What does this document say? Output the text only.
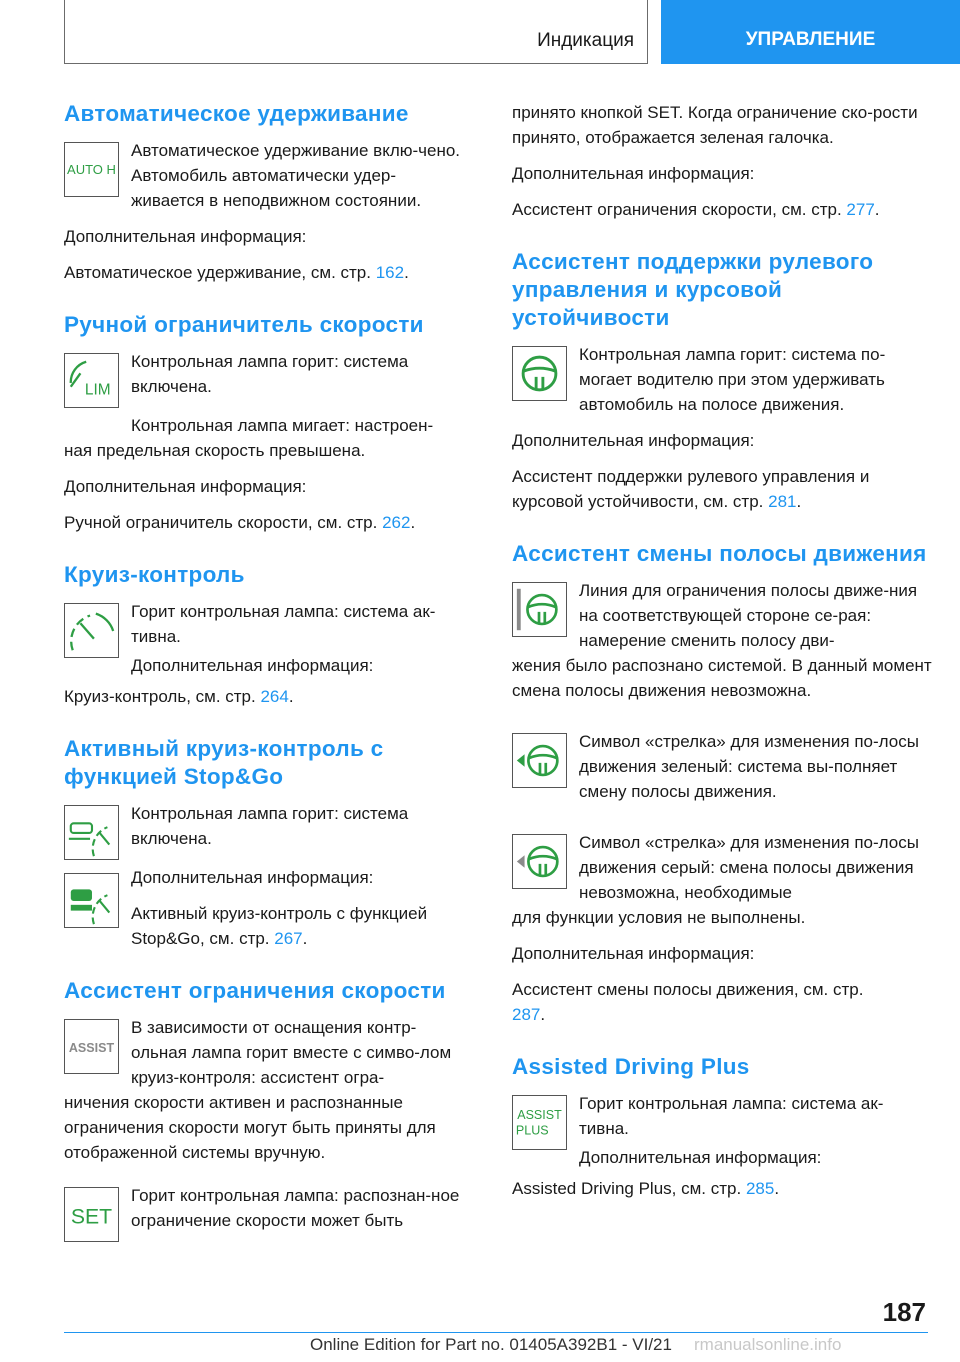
Индикация	УПРАВЛЕНИЕ
Автоматическое удерживание
AUTO H

Автоматическое удерживание вклю-чено. Автомобиль автоматически удер-живается в неподвижном состоянии.

Дополнительная информация:

Автоматическое удерживание, см. стр. 162.

Ручной ограничитель скорости
LIM

Контрольная лампа горит: система включена.

Контрольная лампа мигает: настроен-

ная предельная скорость превышена.

Дополнительная информация:

Ручной ограничитель скорости, см. стр. 262.

Круиз-контроль

Горит контрольная лампа: система ак-тивна.

Дополнительная информация:

Круиз-контроль, см. стр. 264.

Активный круиз-контроль с функцией Stop&Go

Контрольная лампа горит: система включена.

Дополнительная информация:

Активный круиз-контроль с функцией Stop&Go, см. стр. 267.

Ассистент ограничения скорости
ASSIST

В зависимости от оснащения контр-ольная лампа горит вместе с симво-лом круиз-контроля: ассистент огра-

ничения скорости активен и распознанные ограничения скорости могут быть приняты для отображенной системы вручную.

SET

Горит контрольная лампа: распознан-ное ограничение скорости может быть

принято кнопкой SET. Когда ограничение ско-рости принято, отображается зеленая галочка.

Дополнительная информация:

Ассистент ограничения скорости, см. стр. 277.

Ассистент поддержки рулевого управления и курсовой устойчивости

Контрольная лампа горит: система по-могает водителю при этом удерживать автомобиль на полосе движения.

Дополнительная информация:

Ассистент поддержки рулевого управления и курсовой устойчивости, см. стр. 281.

Ассистент смены полосы движения

Линия для ограничения полосы движе-ния на соответствующей стороне се-рая: намерение сменить полосу дви-

жения было распознано системой. В данный момент смена полосы движения невозможна.

Символ «стрелка» для изменения по-лосы движения зеленый: система вы-полняет смену полосы движения.

Символ «стрелка» для изменения по-лосы движения серый: смена полосы движения невозможна, необходимые

для функции условия не выполнены.

Дополнительная информация:

Ассистент смены полосы движения, см. стр. 287.

Assisted Driving Plus
ASSIST
PLUS

Горит контрольная лампа: система ак-тивна.

Дополнительная информация:

Assisted Driving Plus, см. стр. 285.

187
Online Edition for Part no. 01405A392B1 - VI/21 rmanualsonline.info
